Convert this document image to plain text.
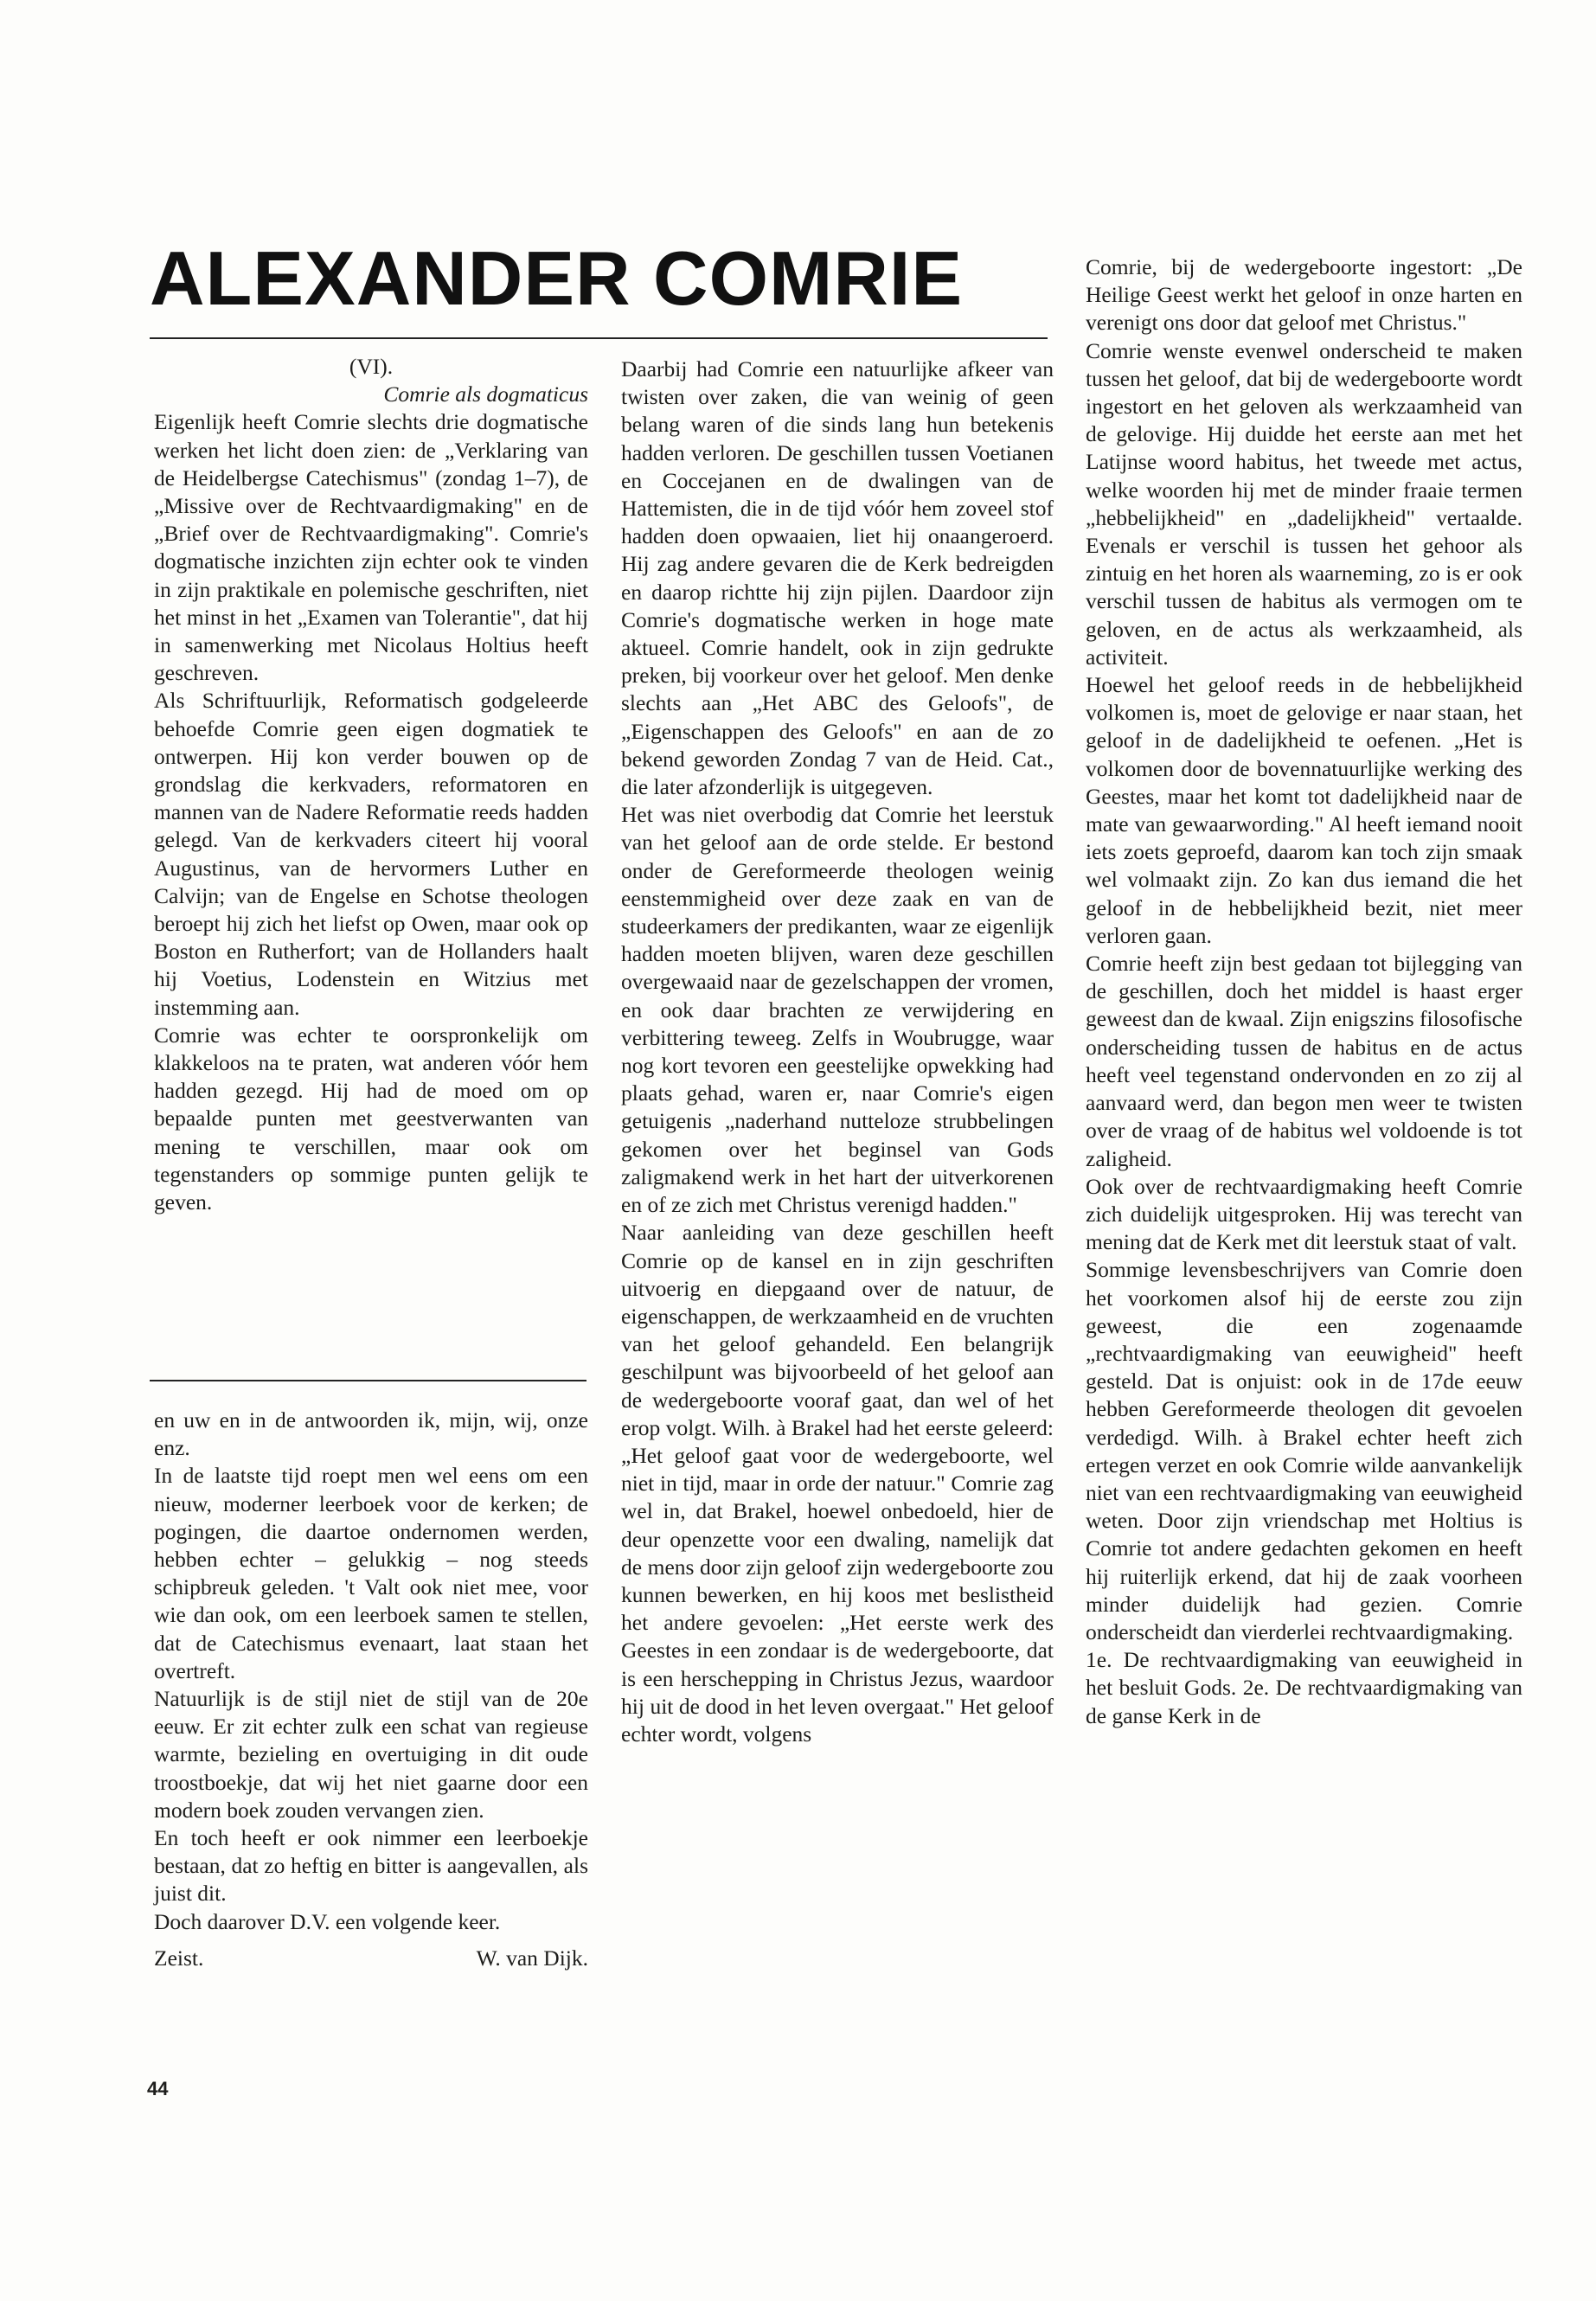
ALEXANDER COMRIE

(VI).

Comrie als dogmaticus

Eigenlijk heeft Comrie slechts drie dogmatische werken het licht doen zien: de „Verklaring van de Heidelbergse Catechismus" (zondag 1–7), de „Missive over de Rechtvaardigmaking" en de „Brief over de Rechtvaardigmaking". Comrie's dogmatische inzichten zijn echter ook te vinden in zijn praktikale en polemische geschriften, niet het minst in het „Examen van Tolerantie", dat hij in samenwerking met Nicolaus Holtius heeft geschreven.

Als Schriftuurlijk, Reformatisch godgeleerde behoefde Comrie geen eigen dogmatiek te ontwerpen. Hij kon verder bouwen op de grondslag die kerkvaders, reformatoren en mannen van de Nadere Reformatie reeds hadden gelegd. Van de kerkvaders citeert hij vooral Augustinus, van de hervormers Luther en Calvijn; van de Engelse en Schotse theologen beroept hij zich het liefst op Owen, maar ook op Boston en Rutherfort; van de Hollanders haalt hij Voetius, Lodenstein en Witzius met instemming aan.

Comrie was echter te oorspronkelijk om klakkeloos na te praten, wat anderen vóór hem hadden gezegd. Hij had de moed om op bepaalde punten met geestverwanten van mening te verschillen, maar ook om tegenstanders op sommige punten gelijk te geven.

en uw en in de antwoorden ik, mijn, wij, onze enz.

In de laatste tijd roept men wel eens om een nieuw, moderner leerboek voor de kerken; de pogingen, die daartoe ondernomen werden, hebben echter – gelukkig – nog steeds schipbreuk geleden. 't Valt ook niet mee, voor wie dan ook, om een leerboek samen te stellen, dat de Catechismus evenaart, laat staan het overtreft.

Natuurlijk is de stijl niet de stijl van de 20e eeuw. Er zit echter zulk een schat van regieuse warmte, bezieling en overtuiging in dit oude troostboekje, dat wij het niet gaarne door een modern boek zouden vervangen zien.

En toch heeft er ook nimmer een leerboekje bestaan, dat zo heftig en bitter is aangevallen, als juist dit.

Doch daarover D.V. een volgende keer.

Zeist.	W. van Dijk.

Daarbij had Comrie een natuurlijke afkeer van twisten over zaken, die van weinig of geen belang waren of die sinds lang hun betekenis hadden verloren. De geschillen tussen Voetianen en Coccejanen en de dwalingen van de Hattemisten, die in de tijd vóór hem zoveel stof hadden doen opwaaien, liet hij onaangeroerd. Hij zag andere gevaren die de Kerk bedreigden en daarop richtte hij zijn pijlen. Daardoor zijn Comrie's dogmatische werken in hoge mate aktueel. Comrie handelt, ook in zijn gedrukte preken, bij voorkeur over het geloof. Men denke slechts aan „Het ABC des Geloofs", de „Eigenschappen des Geloofs" en aan de zo bekend geworden Zondag 7 van de Heid. Cat., die later afzonderlijk is uitgegeven.

Het was niet overbodig dat Comrie het leerstuk van het geloof aan de orde stelde. Er bestond onder de Gereformeerde theologen weinig eenstemmigheid over deze zaak en van de studeerkamers der predikanten, waar ze eigenlijk hadden moeten blijven, waren deze geschillen overgewaaid naar de gezelschappen der vromen, en ook daar brachten ze verwijdering en verbittering teweeg. Zelfs in Woubrugge, waar nog kort tevoren een geestelijke opwekking had plaats gehad, waren er, naar Comrie's eigen getuigenis „naderhand nutteloze strubbelingen gekomen over het beginsel van Gods zaligmakend werk in het hart der uitverkorenen en of ze zich met Christus verenigd hadden."

Naar aanleiding van deze geschillen heeft Comrie op de kansel en in zijn geschriften uitvoerig en diepgaand over de natuur, de eigenschappen, de werkzaamheid en de vruchten van het geloof gehandeld. Een belangrijk geschilpunt was bijvoorbeeld of het geloof aan de wedergeboorte vooraf gaat, dan wel of het erop volgt. Wilh. à Brakel had het eerste geleerd: „Het geloof gaat voor de wedergeboorte, wel niet in tijd, maar in orde der natuur." Comrie zag wel in, dat Brakel, hoewel onbedoeld, hier de deur openzette voor een dwaling, namelijk dat de mens door zijn geloof zijn wedergeboorte zou kunnen bewerken, en hij koos met beslistheid het andere gevoelen: „Het eerste werk des Geestes in een zondaar is de wedergeboorte, dat is een herschepping in Christus Jezus, waardoor hij uit de dood in het leven overgaat." Het geloof echter wordt, volgens

Comrie, bij de wedergeboorte ingestort: „De Heilige Geest werkt het geloof in onze harten en verenigt ons door dat geloof met Christus."

Comrie wenste evenwel onderscheid te maken tussen het geloof, dat bij de wedergeboorte wordt ingestort en het geloven als werkzaamheid van de gelovige. Hij duidde het eerste aan met het Latijnse woord habitus, het tweede met actus, welke woorden hij met de minder fraaie termen „hebbelijkheid" en „dadelijkheid" vertaalde. Evenals er verschil is tussen het gehoor als zintuig en het horen als waarneming, zo is er ook verschil tussen de habitus als vermogen om te geloven, en de actus als werkzaamheid, als activiteit.

Hoewel het geloof reeds in de hebbelijkheid volkomen is, moet de gelovige er naar staan, het geloof in de dadelijkheid te oefenen. „Het is volkomen door de bovennatuurlijke werking des Geestes, maar het komt tot dadelijkheid naar de mate van gewaarwording." Al heeft iemand nooit iets zoets geproefd, daarom kan toch zijn smaak wel volmaakt zijn. Zo kan dus iemand die het geloof in de hebbelijkheid bezit, niet meer verloren gaan.

Comrie heeft zijn best gedaan tot bijlegging van de geschillen, doch het middel is haast erger geweest dan de kwaal. Zijn enigszins filosofische onderscheiding tussen de habitus en de actus heeft veel tegenstand ondervonden en zo zij al aanvaard werd, dan begon men weer te twisten over de vraag of de habitus wel voldoende is tot zaligheid.

Ook over de rechtvaardigmaking heeft Comrie zich duidelijk uitgesproken. Hij was terecht van mening dat de Kerk met dit leerstuk staat of valt.

Sommige levensbeschrijvers van Comrie doen het voorkomen alsof hij de eerste zou zijn geweest, die een zogenaamde „rechtvaardigmaking van eeuwigheid" heeft gesteld. Dat is onjuist: ook in de 17de eeuw hebben Gereformeerde theologen dit gevoelen verdedigd. Wilh. à Brakel echter heeft zich ertegen verzet en ook Comrie wilde aanvankelijk niet van een rechtvaardigmaking van eeuwigheid weten. Door zijn vriendschap met Holtius is Comrie tot andere gedachten gekomen en heeft hij ruiterlijk erkend, dat hij de zaak voorheen minder duidelijk had gezien. Comrie onderscheidt dan vierderlei rechtvaardigmaking.

1e. De rechtvaardigmaking van eeuwigheid in het besluit Gods. 2e. De rechtvaardigmaking van de ganse Kerk in de

44
